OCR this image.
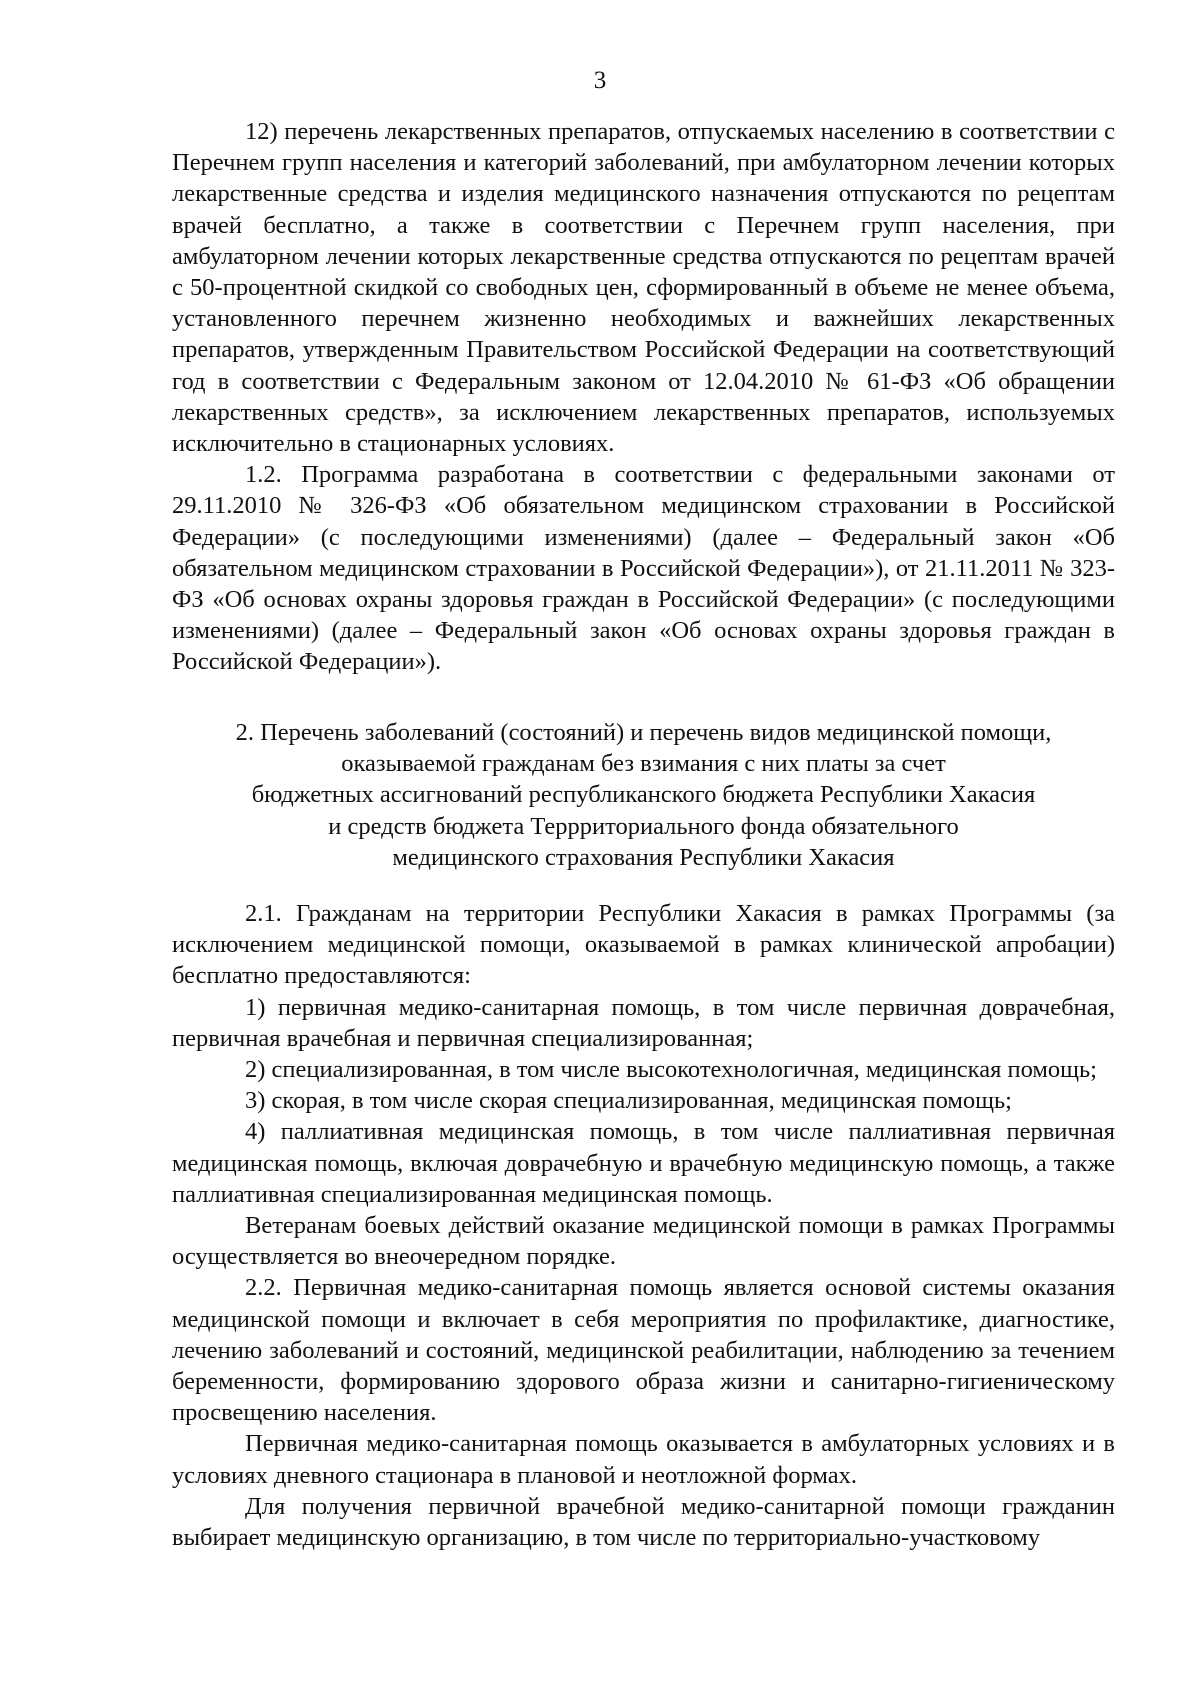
3

12) перечень лекарственных препаратов, отпускаемых населению в соответствии с Перечнем групп населения и категорий заболеваний, при амбулаторном лечении которых лекарственные средства и изделия медицинского назначения отпускаются по рецептам врачей бесплатно, а также в соответствии с Перечнем групп населения, при амбулаторном лечении которых лекарственные средства отпускаются по рецептам врачей с 50-процентной скидкой со свободных цен, сформированный в объеме не менее объема, установленного перечнем жизненно необходимых и важнейших лекарственных препаратов, утвержденным Правительством Российской Федерации на соответствующий год в соответствии с Федеральным законом от 12.04.2010 № 61-ФЗ «Об обращении лекарственных средств», за исключением лекарственных препаратов, используемых исключительно в стационарных условиях.

1.2. Программа разработана в соответствии с федеральными законами от 29.11.2010 № 326-ФЗ «Об обязательном медицинском страховании в Российской Федерации» (с последующими изменениями) (далее – Федеральный закон «Об обязательном медицинском страховании в Российской Федерации»), от 21.11.2011 № 323-ФЗ «Об основах охраны здоровья граждан в Российской Федерации» (с последующими изменениями) (далее – Федеральный закон «Об основах охраны здоровья граждан в Российской Федерации»).

2. Перечень заболеваний (состояний) и перечень видов медицинской помощи,
оказываемой гражданам без взимания с них платы за счет
бюджетных ассигнований республиканского бюджета Республики Хакасия
и средств бюджета Террриториального фонда обязательного
медицинского страхования Республики Хакасия

2.1. Гражданам на территории Республики Хакасия в рамках Программы (за исключением медицинской помощи, оказываемой в рамках клинической апробации) бесплатно предоставляются:

1) первичная медико-санитарная помощь, в том числе первичная доврачебная, первичная врачебная и первичная специализированная;

2) специализированная, в том числе высокотехнологичная, медицинская помощь;

3) скорая, в том числе скорая специализированная, медицинская помощь;

4) паллиативная медицинская помощь, в том числе паллиативная первичная медицинская помощь, включая доврачебную и врачебную медицинскую помощь, а также паллиативная специализированная медицинская помощь.

Ветеранам боевых действий оказание медицинской помощи в рамках Программы осуществляется во внеочередном порядке.

2.2. Первичная медико-санитарная помощь является основой системы оказания медицинской помощи и включает в себя мероприятия по профилактике, диагностике, лечению заболеваний и состояний, медицинской реабилитации, наблюдению за течением беременности, формированию здорового образа жизни и санитарно-гигиеническому просвещению населения.

Первичная медико-санитарная помощь оказывается в амбулаторных условиях и в условиях дневного стационара в плановой и неотложной формах.

Для получения первичной врачебной медико-санитарной помощи гражданин выбирает медицинскую организацию, в том числе по территориально-участковому
